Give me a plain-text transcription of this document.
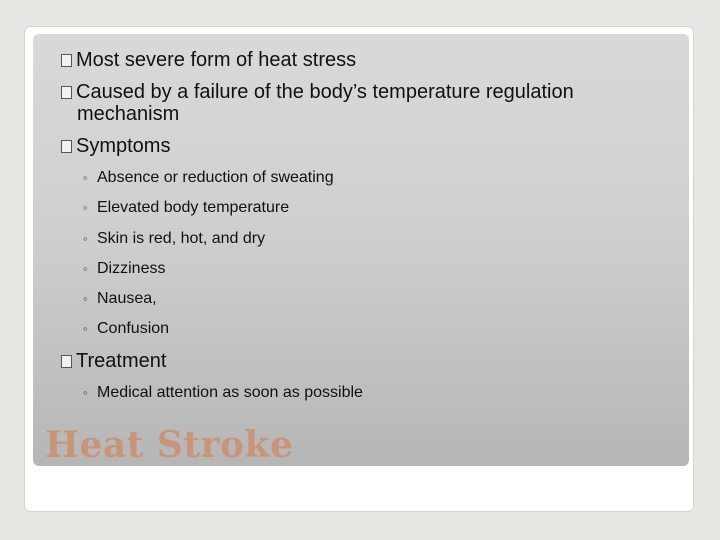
Most severe form of heat stress
Caused by a failure of the body’s temperature regulation
mechanism
Symptoms
◦ Absence or reduction of sweating
◦ Elevated body temperature
◦ Skin is red, hot, and dry
◦ Dizziness
◦ Nausea,
◦ Confusion
Treatment
◦ Medical attention as soon as possible
Heat Stroke
